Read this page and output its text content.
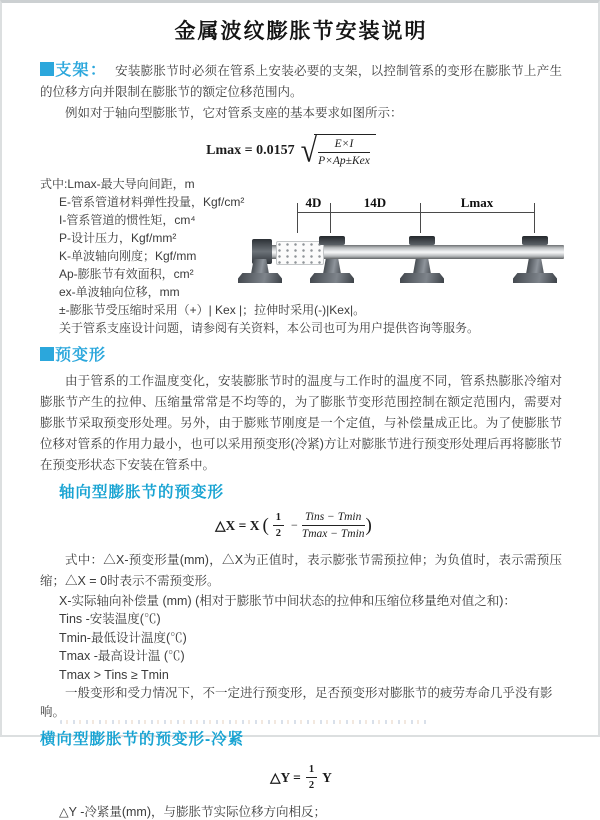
金属波纹膨胀节安装说明

支架： 安装膨胀节时必须在管系上安装必要的支架，以控制管系的变形在膨胀节上产生的位移方向并限制在膨胀节的额定位移范围内。

例如对于轴向型膨胀节，它对管系支座的基本要求如图所示：

Lmax = 0.0157 √ $\frac{E\times I}{\text{P×Ap±Kex}}$
式中:Lmax-最大导向间距，m
E-管系管道材料弹性投量，Kgf/cm²
I-管系管道的惯性矩，cm⁴
P-设计压力，Kgf/mm²
K-单波轴向刚度；Kgf/mm
Ap-膨胀节有效面积，cm²
ex-单波轴向位移，mm
±-膨胀节受压缩时采用（+）| Kex |；拉伸时采用(-)|Kex|。
关于管系支座设计问题，请参阅有关资料，本公司也可为用户提供咨询等服务。

预变形

由于管系的工作温度变化，安装膨胀节时的温度与工作时的温度不同，管系热膨胀冷缩对膨胀节产生的拉伸、压缩量常常是不均等的，为了膨胀节变形范围控制在额定范围内，需要对膨胀节采取预变形处理。另外，由于膨账节刚度是一个定值，与补偿量成正比。为了使膨胀节位移对管系的作用力最小，也可以采用预变形(冷紧)方让对膨胀节进行预变形处理后再将膨胀节在预变形状态下安装在管系中。

轴向型膨胀节的预变形
△X = X ( $\frac{1}{2} - \frac{\text{Tins − Tmin}}{Tmax - Tmin}$ )

式中：△X-预变形量(mm)，△X为正值时，表示膨张节需预拉伸；为负值时，表示需预压缩；△X = 0时表示不需预变形。

X-实际轴向补偿量 (mm) (相对于膨胀节中间状态的拉伸和压缩位移量绝对值之和)：
Tins -安装温度(℃)
Tmin-最低设计温度(℃)
Tmax -最高设计温 (℃)
Tmax > Tins ≥ Tmin
一般变形和受力情况下，不一定进行预变形，足否预变形对膨胀节的疲劳寿命几乎没有影响。
横向型膨胀节的预变形-冷紧
△Y = $\frac{1}{2}$ Y

△Y -冷紧量(mm)，与膨胀节实际位移方向相反；

4D	14D	Lmax
